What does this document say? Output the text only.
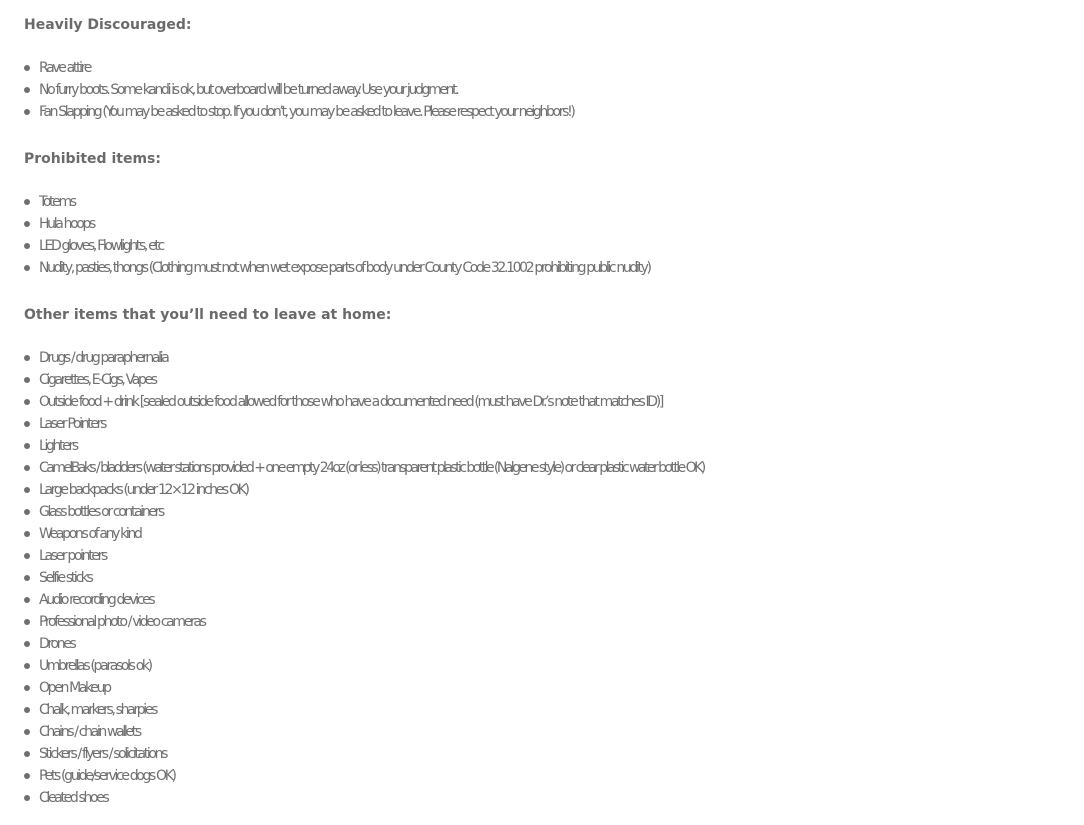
Heavily Discouraged:
Rave attire
No furry boots. Some kandi is ok, but overboard will be turned away. Use your judgment.
Fan Slapping (You may be asked to stop. If you don’t, you may be asked to leave. Please respect your neighbors!)
Prohibited items:
Totems
Hula hoops
LED gloves, Flowlights, etc
Nudity, pasties, thongs (Clothing must not when wet expose parts of body under County Code 32.1002 prohibiting public nudity)
Other items that you’ll need to leave at home:
Drugs / drug paraphernalia
Cigarettes, E-Cigs, Vapes
Outside food + drink [sealed outside food allowed for those who have a documented need (must have Dr.’s note that matches ID)]
Laser Pointers
Lighters
CamelBaks / bladders (water stations provided + one empty 24oz (or less) transparent plastic bottle (Nalgene style) or clear plastic water bottle OK)
Large backpacks (under 12×12 inches OK)
Glass bottles or containers
Weapons of any kind
Laser pointers
Selfie sticks
Audio recording devices
Professional photo / video cameras
Drones
Umbrellas (parasols ok)
Open Makeup
Chalk, markers, sharpies
Chains / chain wallets
Stickers / flyers / solicitations
Pets (guide/service dogs OK)
Cleated shoes
